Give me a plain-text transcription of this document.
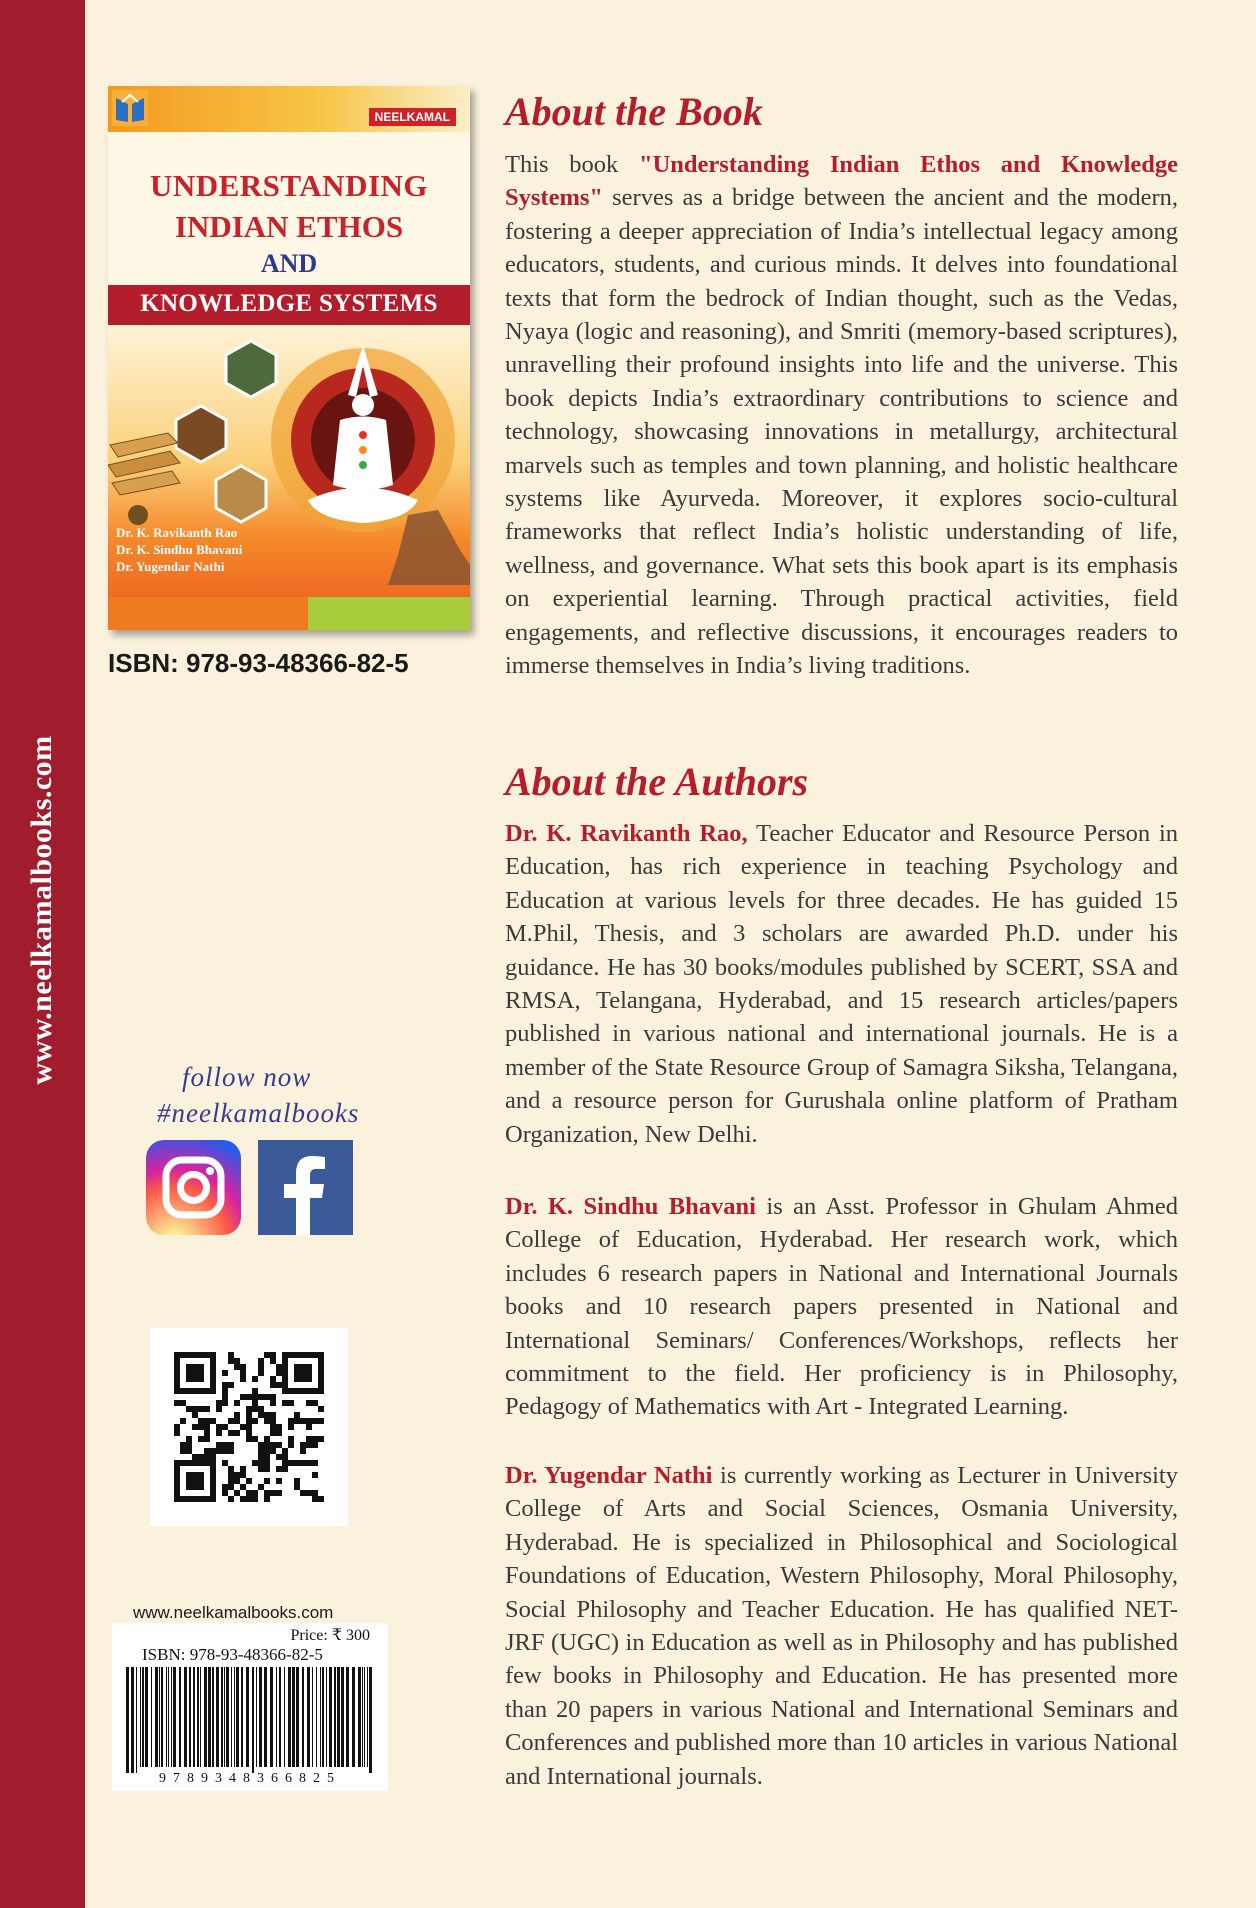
www.neelkamalbooks.com
NEELKAMAL
UNDERSTANDING
INDIAN ETHOS
AND
KNOWLEDGE SYSTEMS
Dr. K. Ravikanth Rao
Dr. K. Sindhu Bhavani
Dr. Yugendar Nathi
ISBN: 978-93-48366-82-5
follow now
#neelkamalbooks
www.neelkamalbooks.com
Price: ₹ 300
ISBN: 978-93-48366-82-5
9789348366825
About the Book

This book "Understanding Indian Ethos and Knowledge Systems" serves as a bridge between the ancient and the modern, fostering a deeper appreciation of India’s intellectual legacy among educators, students, and curious minds. It delves into foundational texts that form the bedrock of Indian thought, such as the Vedas, Nyaya (logic and reasoning), and Smriti (memory-based scriptures), unravelling their profound insights into life and the universe. This book depicts India’s extraordinary contributions to science and technology, showcasing innovations in metallurgy, architectural marvels such as temples and town planning, and holistic healthcare systems like Ayurveda. Moreover, it explores socio-cultural frameworks that reflect India’s holistic understanding of life, wellness, and governance. What sets this book apart is its emphasis on experiential learning. Through practical activities, field engagements, and reflective discussions, it encourages readers to immerse themselves in India’s living traditions.

About the Authors

Dr. K. Ravikanth Rao, Teacher Educator and Resource Person in Education, has rich experience in teaching Psychology and Education at various levels for three decades. He has guided 15 M.Phil, Thesis, and 3 scholars are awarded Ph.D. under his guidance. He has 30 books/modules published by SCERT, SSA and RMSA, Telangana, Hyderabad, and 15 research articles/papers published in various national and international journals. He is a member of the State Resource Group of Samagra Siksha, Telangana, and a resource person for Gurushala online platform of Pratham Organization, New Delhi.

Dr. K. Sindhu Bhavani is an Asst. Professor in Ghulam Ahmed College of Education, Hyderabad. Her research work, which includes 6 research papers in National and International Journals books and 10 research papers presented in National and International Seminars/ Conferences/Workshops, reflects her commitment to the field. Her proficiency is in Philosophy, Pedagogy of Mathematics with Art - Integrated Learning.

Dr. Yugendar Nathi is currently working as Lecturer in University College of Arts and Social Sciences, Osmania University, Hyderabad. He is specialized in Philosophical and Sociological Foundations of Education, Western Philosophy, Moral Philosophy, Social Philosophy and Teacher Education. He has qualified NET-JRF (UGC) in Education as well as in Philosophy and has published few books in Philosophy and Education. He has presented more than 20 papers in various National and International Seminars and Conferences and published more than 10 articles in various National and International journals.
